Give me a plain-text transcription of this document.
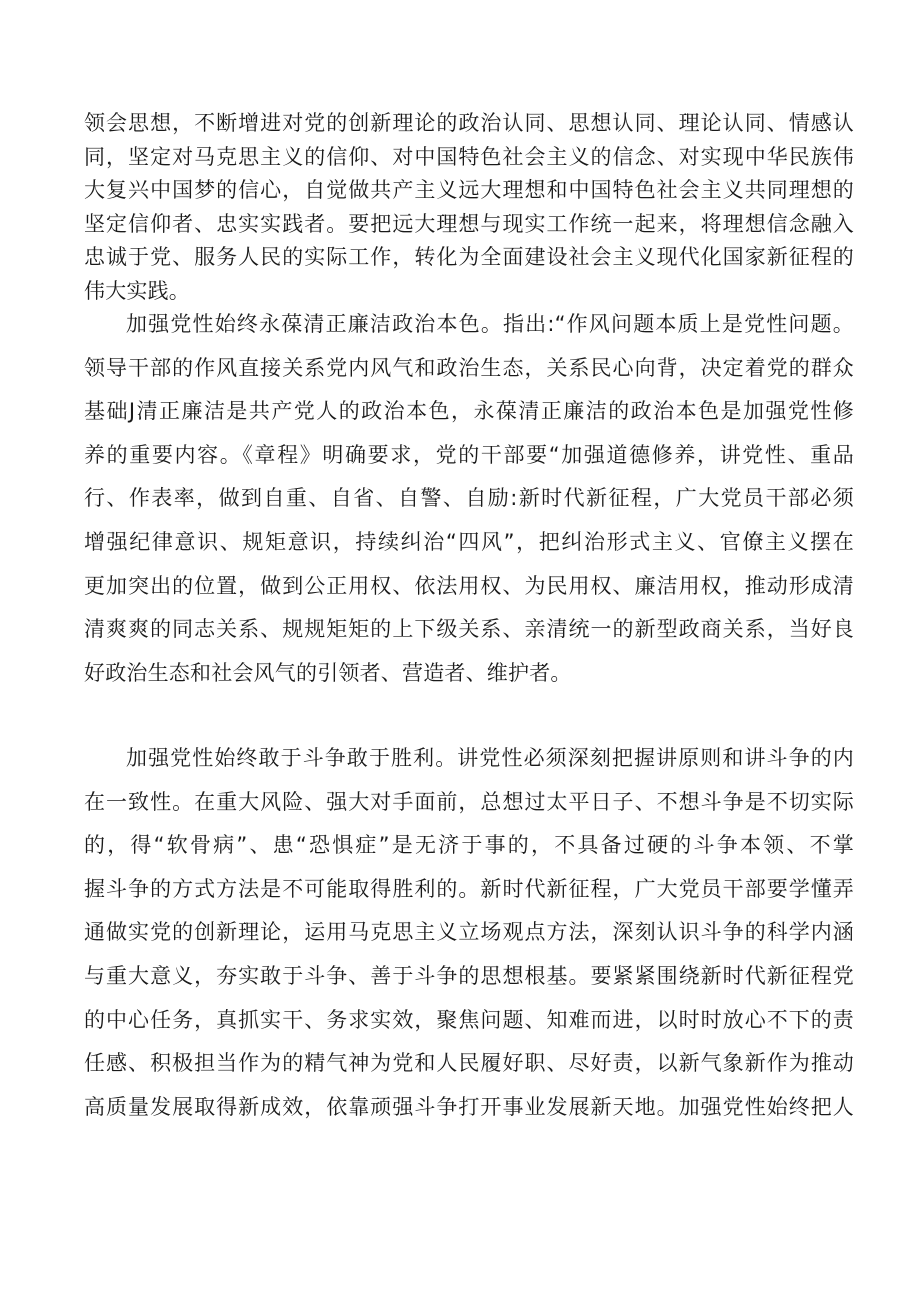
领会思想，不断增进对党的创新理论的政治认同、思想认同、理论认同、情感认
同，坚定对马克思主义的信仰、对中国特色社会主义的信念、对实现中华民族伟
大复兴中国梦的信心，自觉做共产主义远大理想和中国特色社会主义共同理想的
坚定信仰者、忠实实践者。要把远大理想与现实工作统一起来，将理想信念融入
忠诚于党、服务人民的实际工作，转化为全面建设社会主义现代化国家新征程的
伟大实践。
加强党性始终永葆清正廉洁政治本色。指出:“作风问题本质上是党性问题。
领导干部的作风直接关系党内风气和政治生态，关系民心向背，决定着党的群众
基础J清正廉洁是共产党人的政治本色，永葆清正廉洁的政治本色是加强党性修
养的重要内容。《章程》明确要求，党的干部要“加强道德修养，讲党性、重品
行、作表率，做到自重、自省、自警、自励:新时代新征程，广大党员干部必须
增强纪律意识、规矩意识，持续纠治“四风”，把纠治形式主义、官僚主义摆在
更加突出的位置，做到公正用权、依法用权、为民用权、廉洁用权，推动形成清
清爽爽的同志关系、规规矩矩的上下级关系、亲清统一的新型政商关系，当好良
好政治生态和社会风气的引领者、营造者、维护者。
加强党性始终敢于斗争敢于胜利。讲党性必须深刻把握讲原则和讲斗争的内
在一致性。在重大风险、强大对手面前，总想过太平日子、不想斗争是不切实际
的，得“软骨病”、患“恐惧症”是无济于事的，不具备过硬的斗争本领、不掌
握斗争的方式方法是不可能取得胜利的。新时代新征程，广大党员干部要学懂弄
通做实党的创新理论，运用马克思主义立场观点方法，深刻认识斗争的科学内涵
与重大意义，夯实敢于斗争、善于斗争的思想根基。要紧紧围绕新时代新征程党
的中心任务，真抓实干、务求实效，聚焦问题、知难而进，以时时放心不下的责
任感、积极担当作为的精气神为党和人民履好职、尽好责，以新气象新作为推动
高质量发展取得新成效，依靠顽强斗争打开事业发展新天地。加强党性始终把人
